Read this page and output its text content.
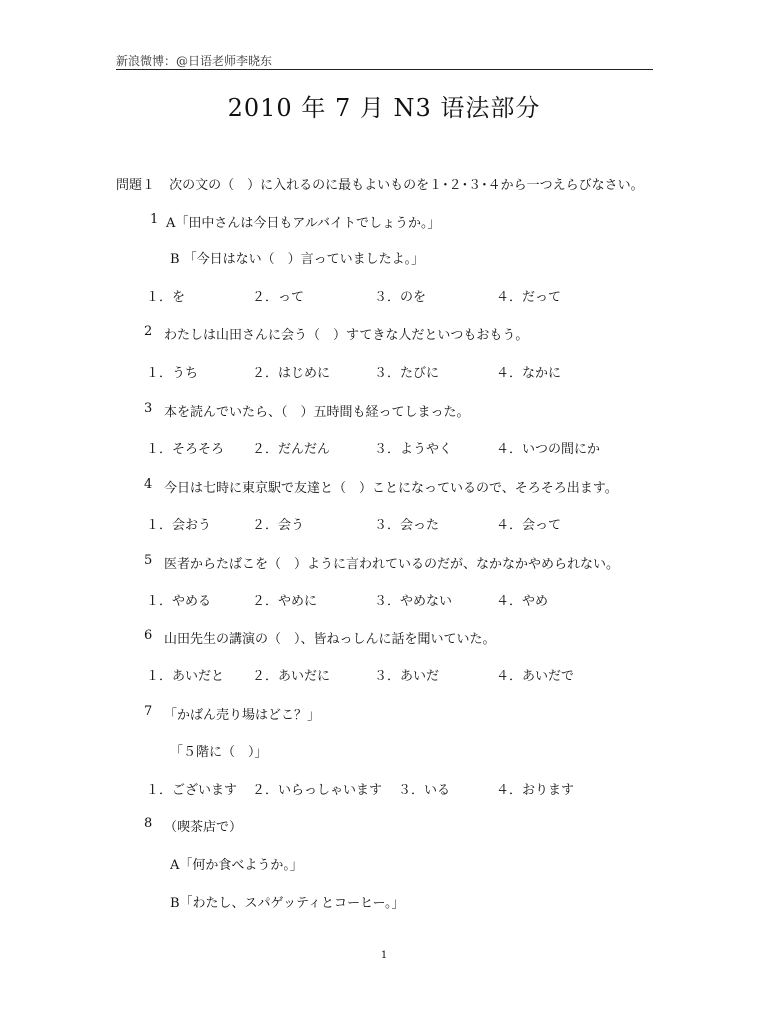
新浪微博：@日语老师李晓东
2010 年 7 月 N3 语法部分
問題１ 次の文の（　）に入れるのに最もよいものを１･２･３･４から一つえらびなさい。
1 A「田中さんは今日もアルバイトでしょうか。」
B 「今日はない（　）言っていましたよ。」
１．を	２．って	３．のを	４．だって
2 わたしは山田さんに会う（　）すてきな人だといつもおもう。
１．うち	２．はじめに	３．たびに	４．なかに
3 本を読んでいたら、（　）五時間も経ってしまった。
１．そろそろ ２．だんだん	３．ようやく	４．いつの間にか
4 今日は七時に東京駅で友達と（　）ことになっているので、そろそろ出ます。
１．会おう	２．会う	３．会った	４．会って
5 医者からたばこを（　）ように言われているのだが、なかなかやめられない。
１．やめる	２．やめに	３．やめない	４．やめ
6 山田先生の講演の（　）、皆ねっしんに話を聞いていた。
１．あいだと ２．あいだに	３．あいだ	４．あいだで
7 「かばん売り場はどこ？」
「５階に（　）」
１．ございます ２．いらっしゃいます ３．いる	４．おります
8 （喫茶店で）
A「何か食べようか。」
B「わたし、スパゲッティとコーヒー。」
1
